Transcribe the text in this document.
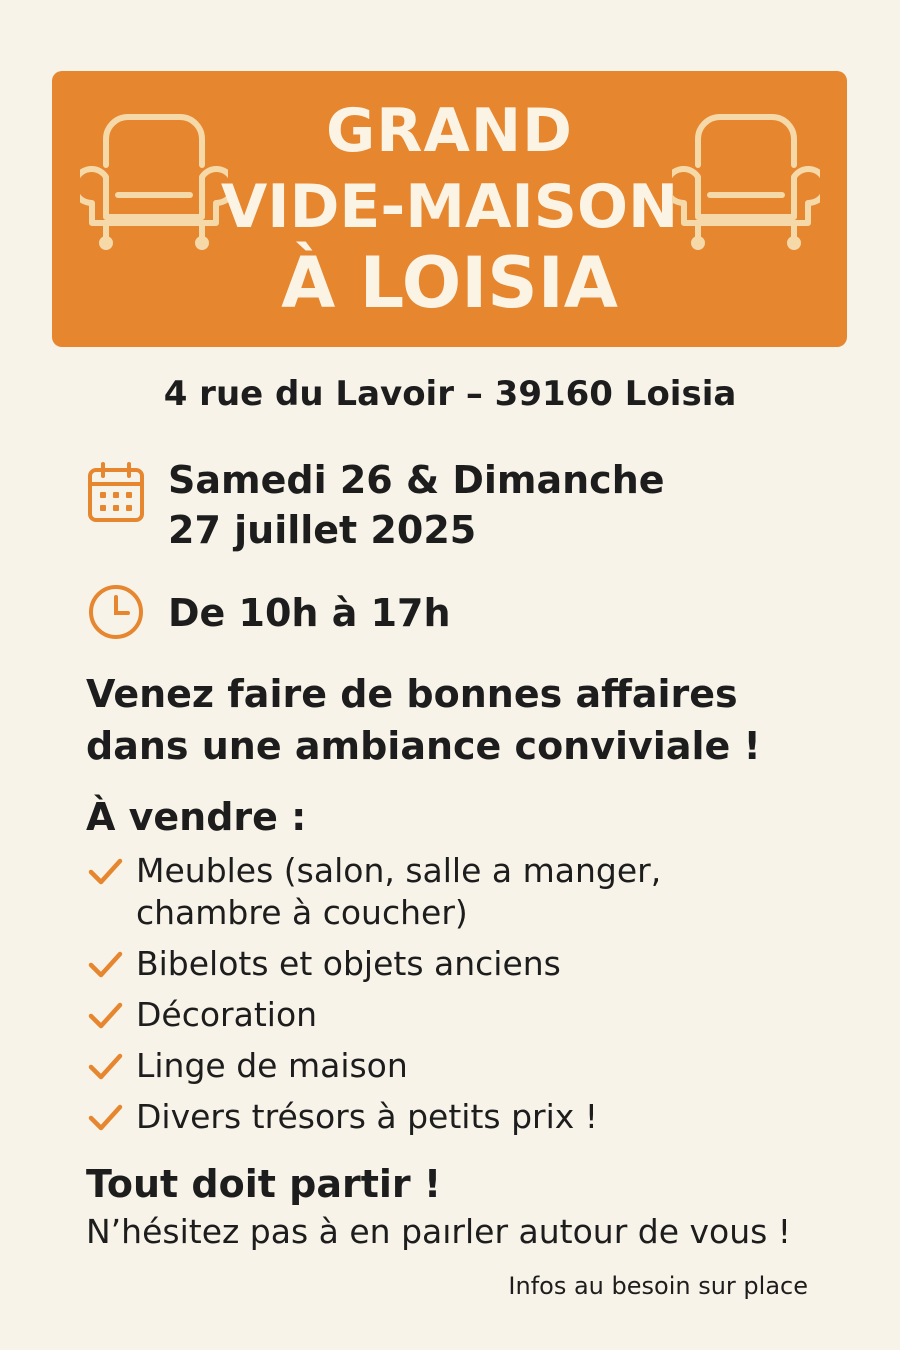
GRAND
VIDE-MAISON
À LOISIA
4 rue du Lavoir – 39160 Loisia
Samedi 26 & Dimanche
27 juillet 2025
De 10h à 17h
Venez faire de bonnes affaires
dans une ambiance conviviale !
À vendre :
Meubles (salon, salle a manger,
chambre à coucher)
Bibelots et objets anciens
Décoration
Linge de maison
Divers trésors à petits prix !
Tout doit partir !
N’hésitez pas à en paırler autour de vous !
Infos au besoin sur place
